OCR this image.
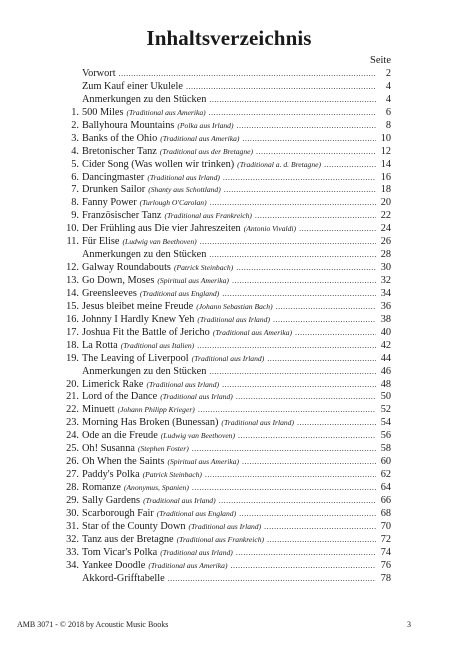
Inhaltsverzeichnis
Seite
Vorwort .....	2
Zum Kauf einer Ukulele .....	4
Anmerkungen zu den Stücken .....	4
1. 500 Miles (Traditional aus Amerika) .....	6
2. Ballyhoura Mountains (Polka aus Irland) .....	8
3. Banks of the Ohio (Traditional aus Amerika) .....	10
4. Bretonischer Tanz (Traditional aus der Bretagne) .....	12
5. Cider Song (Was wollen wir trinken) (Traditional a. d. Bretagne) .....	14
6. Dancingmaster (Traditional aus Irland) .....	16
7. Drunken Sailor (Shanty aus Schottland) .....	18
8. Fanny Power (Turlough O'Carolan) .....	20
9. Französischer Tanz (Traditional aus Frankreich) .....	22
10. Der Frühling aus Die vier Jahreszeiten (Antonio Vivaldi) .....	24
11. Für Elise (Ludwig van Beethoven) .....	26
Anmerkungen zu den Stücken .....	28
12. Galway Roundabouts (Patrick Steinbach) .....	30
13. Go Down, Moses (Spiritual aus Amerika) .....	32
14. Greensleeves (Traditional aus England) .....	34
15. Jesus bleibet meine Freude (Johann Sebastian Bach) .....	36
16. Johnny I Hardly Knew Yeh (Traditional aus Irland) .....	38
17. Joshua Fit the Battle of Jericho (Traditional aus Amerika) .....	40
18. La Rotta (Traditional aus Italien) .....	42
19. The Leaving of Liverpool (Traditional aus Irland) .....	44
Anmerkungen zu den Stücken .....	46
20. Limerick Rake (Traditional aus Irland) .....	48
21. Lord of the Dance (Traditional aus Irland) .....	50
22. Minuett (Johann Philipp Krieger) .....	52
23. Morning Has Broken (Bunessan) (Traditional aus Irland) .....	54
24. Ode an die Freude (Ludwig van Beethoven) .....	56
25. Oh! Susanna (Stephen Foster) .....	58
26. Oh When the Saints (Spiritual aus Amerika) .....	60
27. Paddy's Polka (Patrick Steinbach) .....	62
28. Romanze (Anonymus, Spanien) .....	64
29. Sally Gardens (Traditional aus Irland) .....	66
30. Scarborough Fair (Traditional aus England) .....	68
31. Star of the County Down (Traditional aus Irland) .....	70
32. Tanz aus der Bretagne (Traditional aus Frankreich) .....	72
33. Tom Vicar's Polka (Traditional aus Irland) .....	74
34. Yankee Doodle (Traditional aus Amerika) .....	76
Akkord-Grifftabelle .....	78
AMB 3071 - © 2018 by Acoustic Music Books	3
